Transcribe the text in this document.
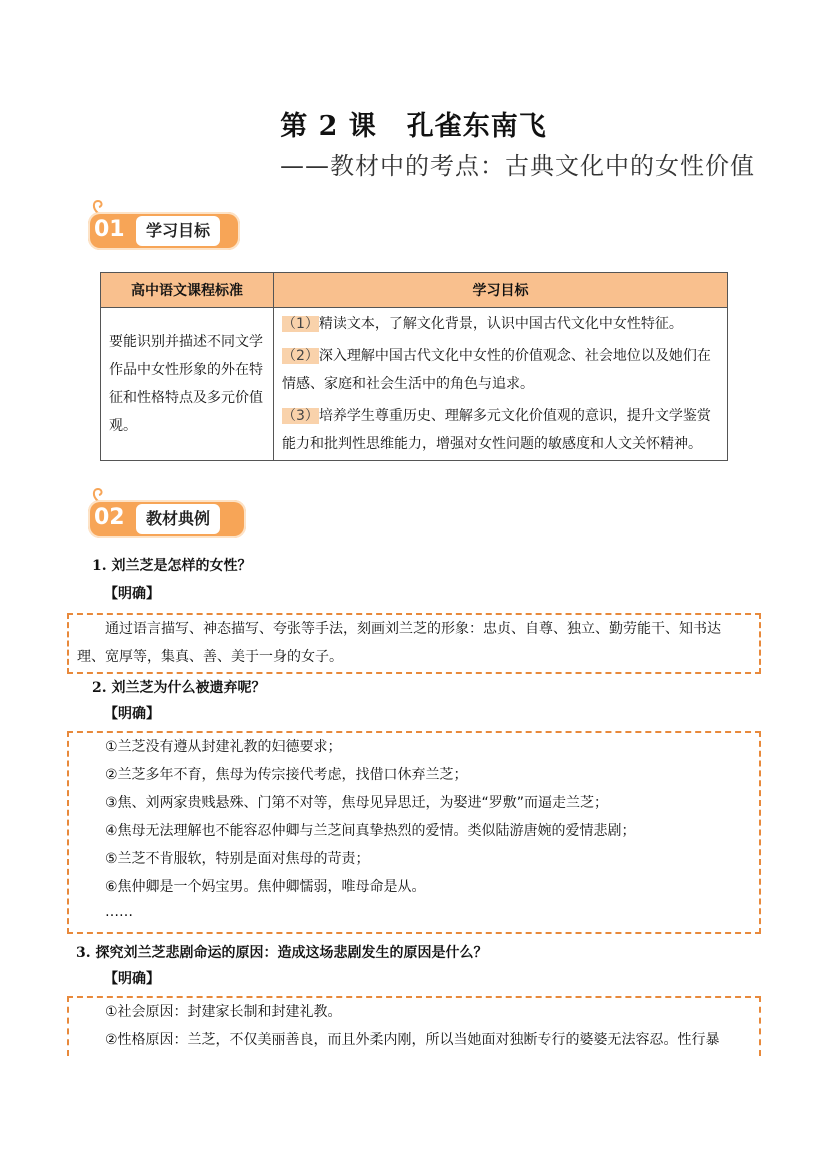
第 2 课 孔雀东南飞
——教材中的考点：古典文化中的女性价值
01	学习目标
高中语文课程标准	学习目标
要能识别并描述不同文学作品中女性形象的外在特征和性格特点及多元价值观。	（1）精读文本，了解文化背景，认识中国古代文化中女性特征。
（2）深入理解中国古代文化中女性的价值观念、社会地位以及她们在情感、家庭和社会生活中的角色与追求。
（3）培养学生尊重历史、理解多元文化价值观的意识，提升文学鉴赏能力和批判性思维能力，增强对女性问题的敏感度和人文关怀精神。
02	教材典例
1. 刘兰芝是怎样的女性？
【明确】
通过语言描写、神态描写、夸张等手法，刻画刘兰芝的形象：忠贞、自尊、独立、勤劳能干、知书达
理、宽厚等，集真、善、美于一身的女子。
2. 刘兰芝为什么被遗弃呢？
【明确】
①兰芝没有遵从封建礼教的妇德要求；
②兰芝多年不育，焦母为传宗接代考虑，找借口休弃兰芝；
③焦、刘两家贵贱悬殊、门第不对等，焦母见异思迁，为娶进“罗敷”而逼走兰芝；
④焦母无法理解也不能容忍仲卿与兰芝间真挚热烈的爱情。类似陆游唐婉的爱情悲剧；
⑤兰芝不肯服软，特别是面对焦母的苛责；
⑥焦仲卿是一个妈宝男。焦仲卿懦弱，唯母命是从。
……
3. 探究刘兰芝悲剧命运的原因：造成这场悲剧发生的原因是什么？
【明确】
①社会原因：封建家长制和封建礼教。
②性格原因：兰芝，不仅美丽善良，而且外柔内刚，所以当她面对独断专行的婆婆无法容忍。性行暴
